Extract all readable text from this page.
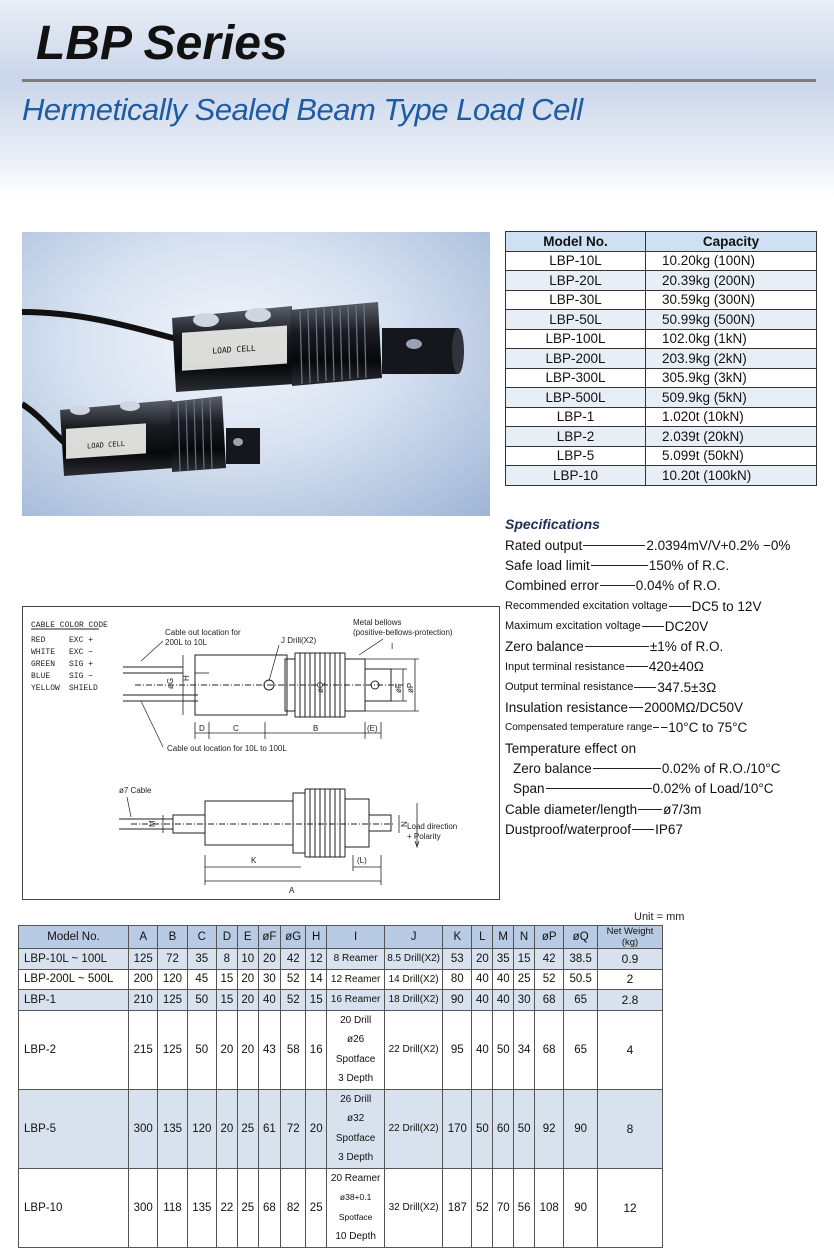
LBP Series
Hermetically Sealed Beam Type Load Cell
LOAD CELL
LOAD CELL
Model No.	Capacity
LBP-10L	10.20kg (100N)
LBP-20L	20.39kg (200N)
LBP-30L	30.59kg (300N)
LBP-50L	50.99kg (500N)
LBP-100L	102.0kg (1kN)
LBP-200L	203.9kg (2kN)
LBP-300L	305.9kg (3kN)
LBP-500L	509.9kg (5kN)
LBP-1	1.020t (10kN)
LBP-2	2.039t (20kN)
LBP-5	5.099t (50kN)
LBP-10	10.20t (100kN)
Specifications
Rated output	2.0394mV/V+0.2% −0%
Safe load limit	150% of R.C.
Combined error	0.04% of R.O.
Recommended excitation voltage DC5 to 12V
Maximum excitation voltage DC20V
Zero balance	±1% of R.O.
Input terminal resistance 420±40Ω
Output terminal resistance 347.5±3Ω
Insulation resistance 2000MΩ/DC50V
Compensated temperature range −10°C to 75°C
Temperature effect on
Zero balance	0.02% of R.O./10°C
Span	0.02% of Load/10°C
Cable diameter/length ø7/3m
Dustproof/waterproof IP67
CABLE COLOR CODE
RED	EXC +
WHITE EXC −
GREEN SIG +
BLUE SIG −
YELLOW SHIELD
D	C	B	(E)
øG H
øQ	øF øP
I
Cable out location for
200L to 10L	J Drill(X2)
Metal bellows
(positive-bellows-protection)
Cable out location for 10L to 100L
ø7 Cable
Load direction
+ Polarity
M	N
K	(L)
A
Unit = mm
Model No.	A	B	C	D	E	øF	øG	H	I	J	K	L	M	N	øP	øQ	Net Weight (kg)
LBP-10L ~ 100L	125	72	35	8	10	20	42	12	8 Reamer	8.5 Drill(X2)	53	20	35	15	42	38.5	0.9
LBP-200L ~ 500L	200	120	45	15	20	30	52	14	12 Reamer	14 Drill(X2)	80	40	40	25	52	50.5	2
LBP-1	210	125	50	15	20	40	52	15	16 Reamer	18 Drill(X2)	90	40	40	30	68	65	2.8
LBP-2	215	125	50	20	20	43	58	16	20 Drill
ø26 Spotface
3 Depth	22 Drill(X2)	95	40	50	34	68	65	4
LBP-5	300	135	120	20	25	61	72	20	26 Drill
ø32 Spotface
3 Depth	22 Drill(X2)	170	50	60	50	92	90	8
LBP-10	300	118	135	22	25	68	82	25	20 Reamer
ø38+0.1 Spotface
10 Depth	32 Drill(X2)	187	52	70	56	108	90	12
